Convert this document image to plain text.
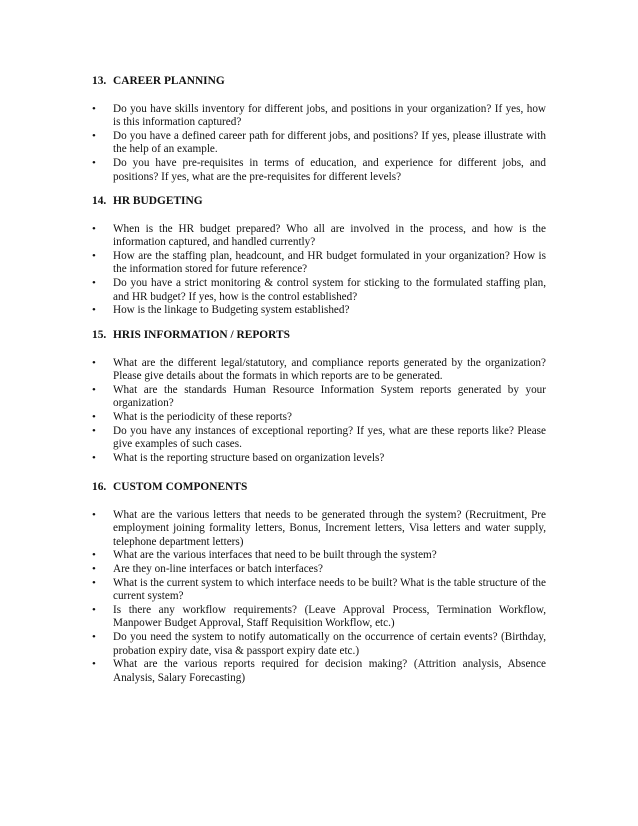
13. CAREER PLANNING
•	Do you have skills inventory for different jobs, and positions in your organization? If yes, how is this information captured?
•	Do you have a defined career path for different jobs, and positions? If yes, please illustrate with the help of an example.
•	Do you have pre-requisites in terms of education, and experience for different jobs, and positions? If yes, what are the pre-requisites for different levels?
14. HR BUDGETING
•	When is the HR budget prepared? Who all are involved in the process, and how is the information captured, and handled currently?
•	How are the staffing plan, headcount, and HR budget formulated in your organization? How is the information stored for future reference?
•	Do you have a strict monitoring & control system for sticking to the formulated staffing plan, and HR budget? If yes, how is the control established?
•	How is the linkage to Budgeting system established?
15. HRIS INFORMATION / REPORTS
•	What are the different legal/statutory, and compliance reports generated by the organization? Please give details about the formats in which reports are to be generated.
•	What are the standards Human Resource Information System reports generated by your organization?
•	What is the periodicity of these reports?
•	Do you have any instances of exceptional reporting? If yes, what are these reports like? Please give examples of such cases.
•	What is the reporting structure based on organization levels?
16. CUSTOM COMPONENTS
•	What are the various letters that needs to be generated through the system? (Recruitment, Pre employment joining formality letters, Bonus, Increment letters, Visa letters and water supply, telephone department letters)
•	What are the various interfaces that need to be built through the system?
•	Are they on-line interfaces or batch interfaces?
•	What is the current system to which interface needs to be built? What is the table structure of the current system?
•	Is there any workflow requirements? (Leave Approval Process, Termination Workflow, Manpower Budget Approval, Staff Requisition Workflow, etc.)
•	Do you need the system to notify automatically on the occurrence of certain events? (Birthday, probation expiry date, visa & passport expiry date etc.)
•	What are the various reports required for decision making? (Attrition analysis, Absence Analysis, Salary Forecasting)
